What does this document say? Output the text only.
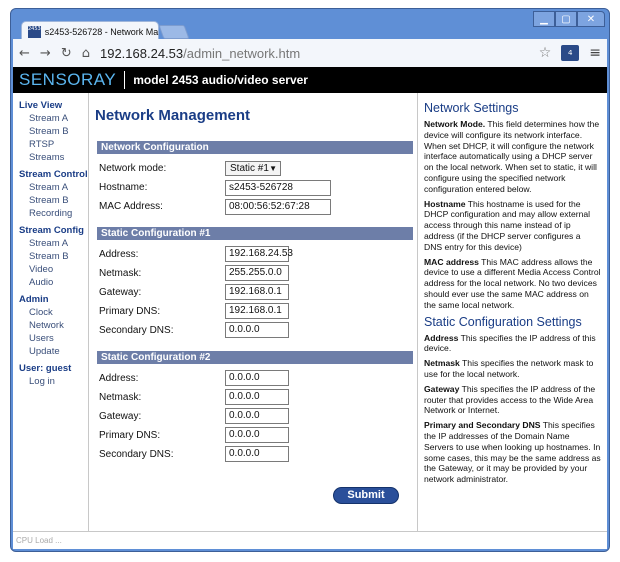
2453 s2453-526728 - Network Ma
▁	▢	✕
← → ↻ ⌂ 192.168.24.53/admin_network.htm	☆	4	≡
SENSORAY model 2453 audio/video server
Live View
Stream A
Stream B
RTSP Streams
Stream Control
Stream A
Stream B
Recording
Stream Config
Stream A
Stream B
Video
Audio
Admin
Clock
Network
Users
Update
User: guest
Log in
Network Management
Network Configuration
Network mode:	Static #1 ▼
Hostname:	s2453-526728
MAC Address:	08:00:56:52:67:28
Static Configuration #1
Address:	192.168.24.53
Netmask:	255.255.0.0
Gateway:	192.168.0.1
Primary DNS:	192.168.0.1
Secondary DNS:	0.0.0.0
Static Configuration #2
Address:	0.0.0.0
Netmask:	0.0.0.0
Gateway:	0.0.0.0
Primary DNS:	0.0.0.0
Secondary DNS:	0.0.0.0
Submit
Network Settings

Network Mode. This field determines how the device will configure its network interface. When set DHCP, it will configure the network interface automatically using a DHCP server on the local network. When set to static, it will configure using the specified network configuration entered below.

Hostname This hostname is used for the DHCP configuration and may allow external access through this name instead of ip address (if the DHCP server configures a DNS entry for this device)

MAC address This MAC address allows the device to use a different Media Access Control address for the local network. No two devices should ever use the same MAC address on the same local network.

Static Configuration Settings

Address This specifies the IP address of this device.

Netmask This specifies the network mask to use for the local network.

Gateway This specifies the IP address of the router that provides access to the Wide Area Network or Internet.

Primary and Secondary DNS This specifies the IP addresses of the Domain Name Servers to use when looking up hostnames. In some cases, this may be the same address as the Gateway, or it may be provided by your network administrator.

CPU Load ...
